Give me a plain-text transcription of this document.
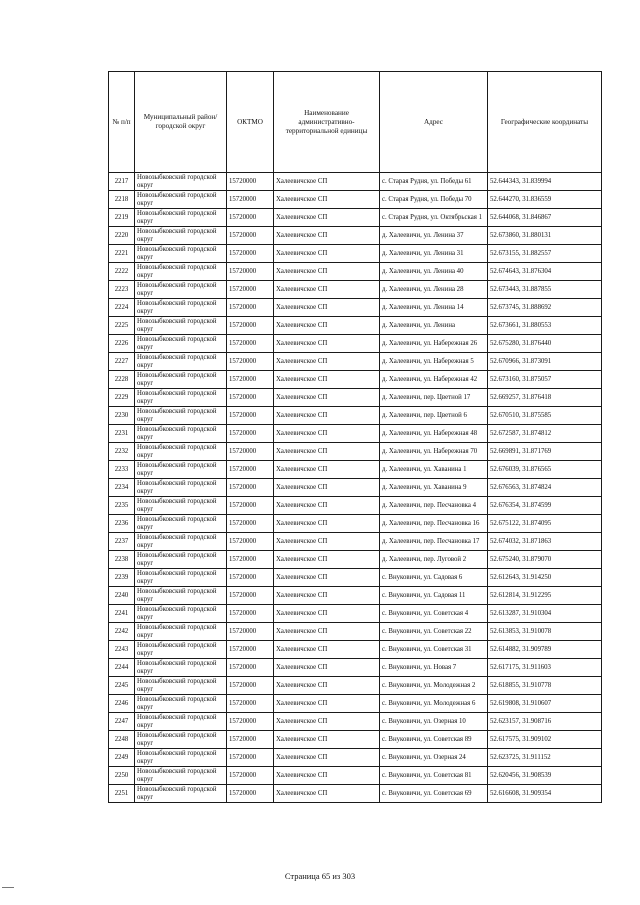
№ п/п	Муниципальный район/городской округ	ОКТМО	Наименование административно-территориальной единицы	Адрес	Географические координаты
2217	Новозыбковский городской округ	15720000	Халеевичское СП	с. Старая Рудня, ул. Победы 61	52.644343, 31.839994
2218	Новозыбковский городской округ	15720000	Халеевичское СП	с. Старая Рудня, ул. Победы 70	52.644270, 31.836559
2219	Новозыбковский городской округ	15720000	Халеевичское СП	с. Старая Рудня, ул. Октябрьская 1	52.644068, 31.846867
2220	Новозыбковский городской округ	15720000	Халеевичское СП	д. Халеевичи, ул. Ленина 37	52.673860, 31.880131
2221	Новозыбковский городской округ	15720000	Халеевичское СП	д. Халеевичи, ул. Ленина 31	52.673155, 31.882557
2222	Новозыбковский городской округ	15720000	Халеевичское СП	д. Халеевичи, ул. Ленина 40	52.674643, 31.876304
2223	Новозыбковский городской округ	15720000	Халеевичское СП	д. Халеевичи, ул. Ленина 28	52.673443, 31.887855
2224	Новозыбковский городской округ	15720000	Халеевичское СП	д. Халеевичи, ул. Ленина 14	52.673745, 31.888692
2225	Новозыбковский городской округ	15720000	Халеевичское СП	д. Халеевичи, ул. Ленина	52.673661, 31.880553
2226	Новозыбковский городской округ	15720000	Халеевичское СП	д. Халеевичи, ул. Набережная 26	52.675280, 31.876440
2227	Новозыбковский городской округ	15720000	Халеевичское СП	д. Халеевичи, ул. Набережная 5	52.670966, 31.873091
2228	Новозыбковский городской округ	15720000	Халеевичское СП	д. Халеевичи, ул. Набережная 42	52.673160, 31.875057
2229	Новозыбковский городской округ	15720000	Халеевичское СП	д. Халеевичи, пер. Цветной 17	52.669257, 31.876418
2230	Новозыбковский городской округ	15720000	Халеевичское СП	д. Халеевичи, пер. Цветной 6	52.670510, 31.875585
2231	Новозыбковский городской округ	15720000	Халеевичское СП	д. Халеевичи, ул. Набережная 48	52.672587, 31.874812
2232	Новозыбковский городской округ	15720000	Халеевичское СП	д. Халеевичи, ул. Набережная 70	52.669891, 31.871769
2233	Новозыбковский городской округ	15720000	Халеевичское СП	д. Халеевичи, ул. Хаванина 1	52.676039, 31.876565
2234	Новозыбковский городской округ	15720000	Халеевичское СП	д. Халеевичи, ул. Хаванина 9	52.676563, 31.874824
2235	Новозыбковский городской округ	15720000	Халеевичское СП	д. Халеевичи, пер. Песчановка 4	52.676354, 31.874599
2236	Новозыбковский городской округ	15720000	Халеевичское СП	д. Халеевичи, пер. Песчановка 16	52.675122, 31.874095
2237	Новозыбковский городской округ	15720000	Халеевичское СП	д. Халеевичи, пер. Песчановка 17	52.674032, 31.871863
2238	Новозыбковский городской округ	15720000	Халеевичское СП	д. Халеевичи, пер. Луговой 2	52.675240, 31.879070
2239	Новозыбковский городской округ	15720000	Халеевичское СП	с. Внуковичи, ул. Садовая 6	52.612643, 31.914250
2240	Новозыбковский городской округ	15720000	Халеевичское СП	с. Внуковичи, ул. Садовая 11	52.612814, 31.912295
2241	Новозыбковский городской округ	15720000	Халеевичское СП	с. Внуковичи, ул. Советская 4	52.613287, 31.910304
2242	Новозыбковский городской округ	15720000	Халеевичское СП	с. Внуковичи, ул. Советская 22	52.613853, 31.910078
2243	Новозыбковский городской округ	15720000	Халеевичское СП	с. Внуковичи, ул. Советская 31	52.614882, 31.909789
2244	Новозыбковский городской округ	15720000	Халеевичское СП	с. Внуковичи, ул. Новая 7	52.617175, 31.911603
2245	Новозыбковский городской округ	15720000	Халеевичское СП	с. Внуковичи, ул. Молодежная 2	52.618855, 31.910778
2246	Новозыбковский городской округ	15720000	Халеевичское СП	с. Внуковичи, ул. Молодежная 6	52.619808, 31.910607
2247	Новозыбковский городской округ	15720000	Халеевичское СП	с. Внуковичи, ул. Озерная 10	52.623157, 31.908716
2248	Новозыбковский городской округ	15720000	Халеевичское СП	с. Внуковичи, ул. Советская 89	52.617575, 31.909102
2249	Новозыбковский городской округ	15720000	Халеевичское СП	с. Внуковичи, ул. Озерная 24	52.623725, 31.911152
2250	Новозыбковский городской округ	15720000	Халеевичское СП	с. Внуковичи, ул. Советская 81	52.620456, 31.908539
2251	Новозыбковский городской округ	15720000	Халеевичское СП	с. Внуковичи, ул. Советская 69	52.616608, 31.909354
Страница 65 из 303
